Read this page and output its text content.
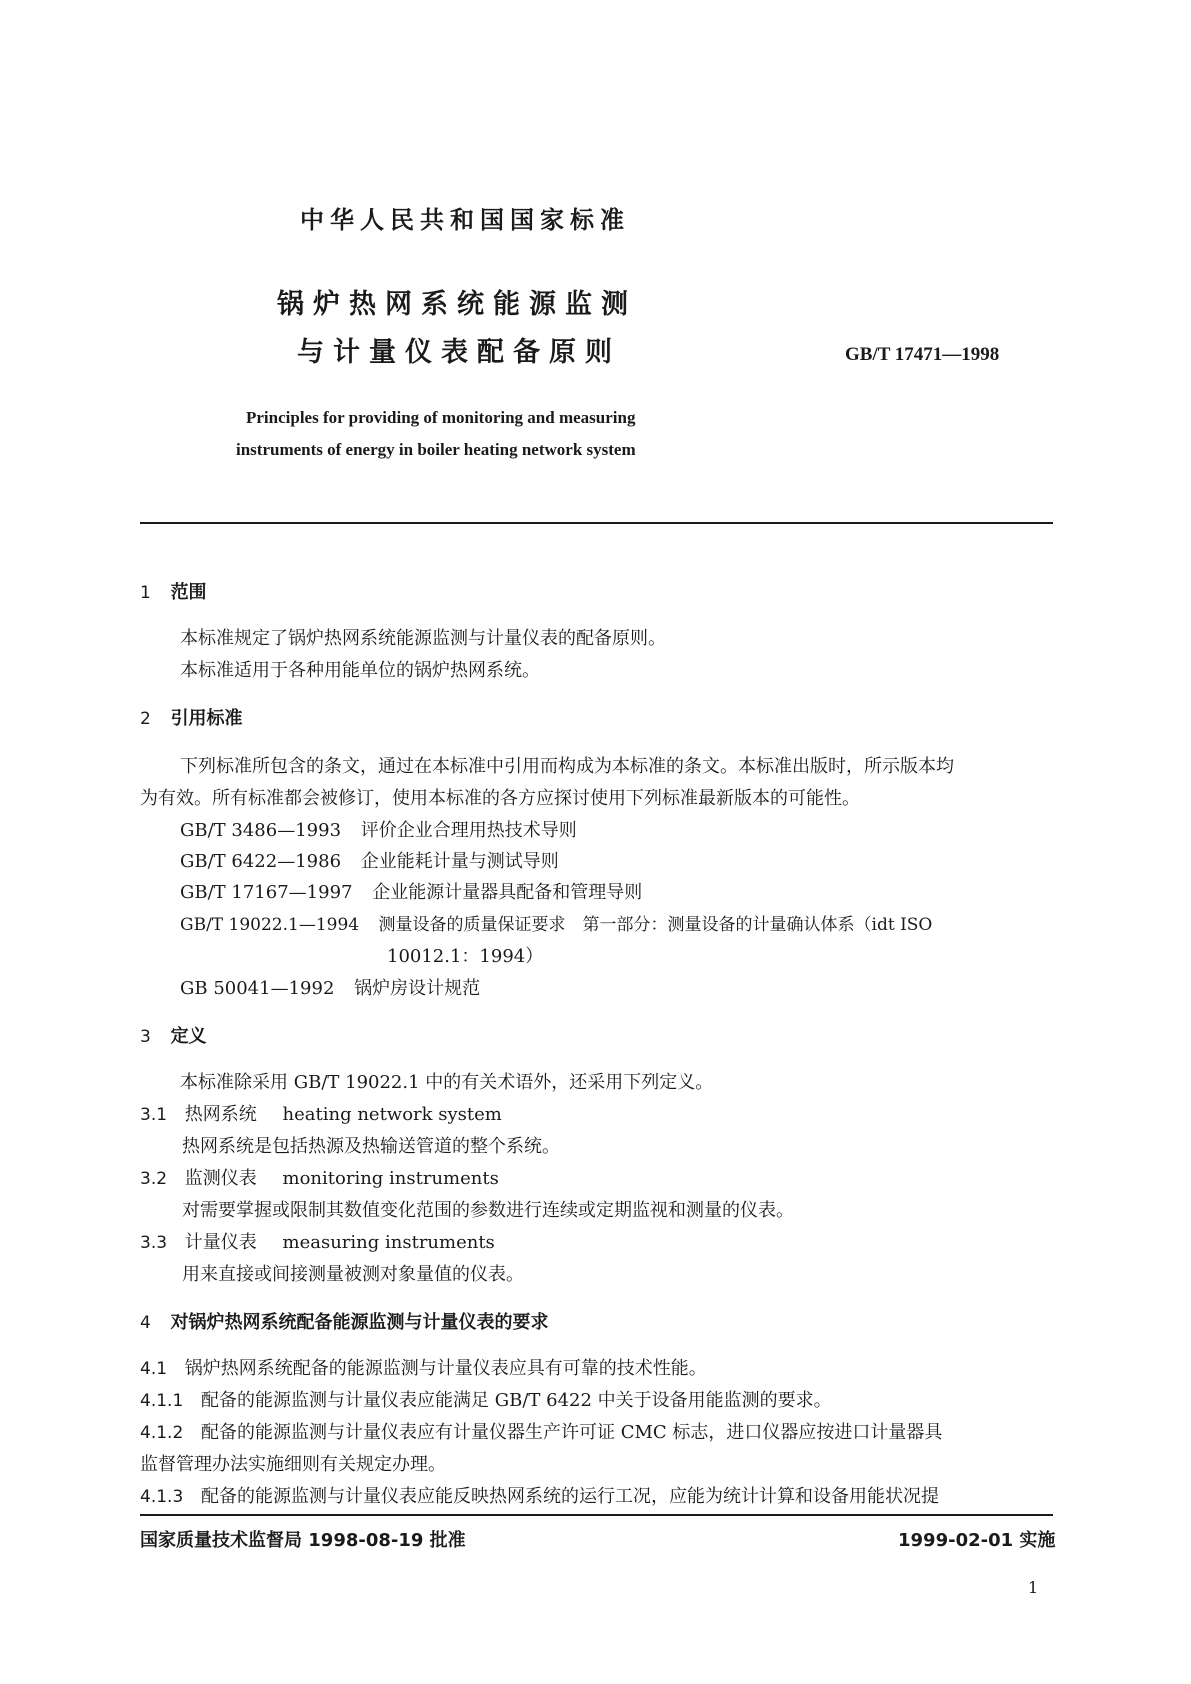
中华人民共和国国家标准
锅炉热网系统能源监测
与计量仪表配备原则	GB/T 17471—1998
Principles for providing of monitoring and measuring
instruments of energy in boiler heating network system
1 范围
本标准规定了锅炉热网系统能源监测与计量仪表的配备原则。
本标准适用于各种用能单位的锅炉热网系统。
2 引用标准
下列标准所包含的条文，通过在本标准中引用而构成为本标准的条文。本标准出版时，所示版本均
为有效。所有标准都会被修订，使用本标准的各方应探讨使用下列标准最新版本的可能性。
GB/T 3486—1993 评价企业合理用热技术导则
GB/T 6422—1986 企业能耗计量与测试导则
GB/T 17167—1997 企业能源计量器具配备和管理导则
GB/T 19022.1—1994 测量设备的质量保证要求　第一部分：测量设备的计量确认体系（idt ISO
10012.1：1994）
GB 50041—1992 锅炉房设计规范
3 定义
本标准除采用 GB/T 19022.1 中的有关术语外，还采用下列定义。
3.1 热网系统 heating network system
热网系统是包括热源及热输送管道的整个系统。
3.2 监测仪表 monitoring instruments
对需要掌握或限制其数值变化范围的参数进行连续或定期监视和测量的仪表。
3.3 计量仪表 measuring instruments
用来直接或间接测量被测对象量值的仪表。
4 对锅炉热网系统配备能源监测与计量仪表的要求
4.1 锅炉热网系统配备的能源监测与计量仪表应具有可靠的技术性能。
4.1.1 配备的能源监测与计量仪表应能满足 GB/T 6422 中关于设备用能监测的要求。
4.1.2 配备的能源监测与计量仪表应有计量仪器生产许可证 CMC 标志，进口仪器应按进口计量器具
监督管理办法实施细则有关规定办理。
4.1.3 配备的能源监测与计量仪表应能反映热网系统的运行工况，应能为统计计算和设备用能状况提
国家质量技术监督局 1998-08-19 批准	1999-02-01 实施
1
